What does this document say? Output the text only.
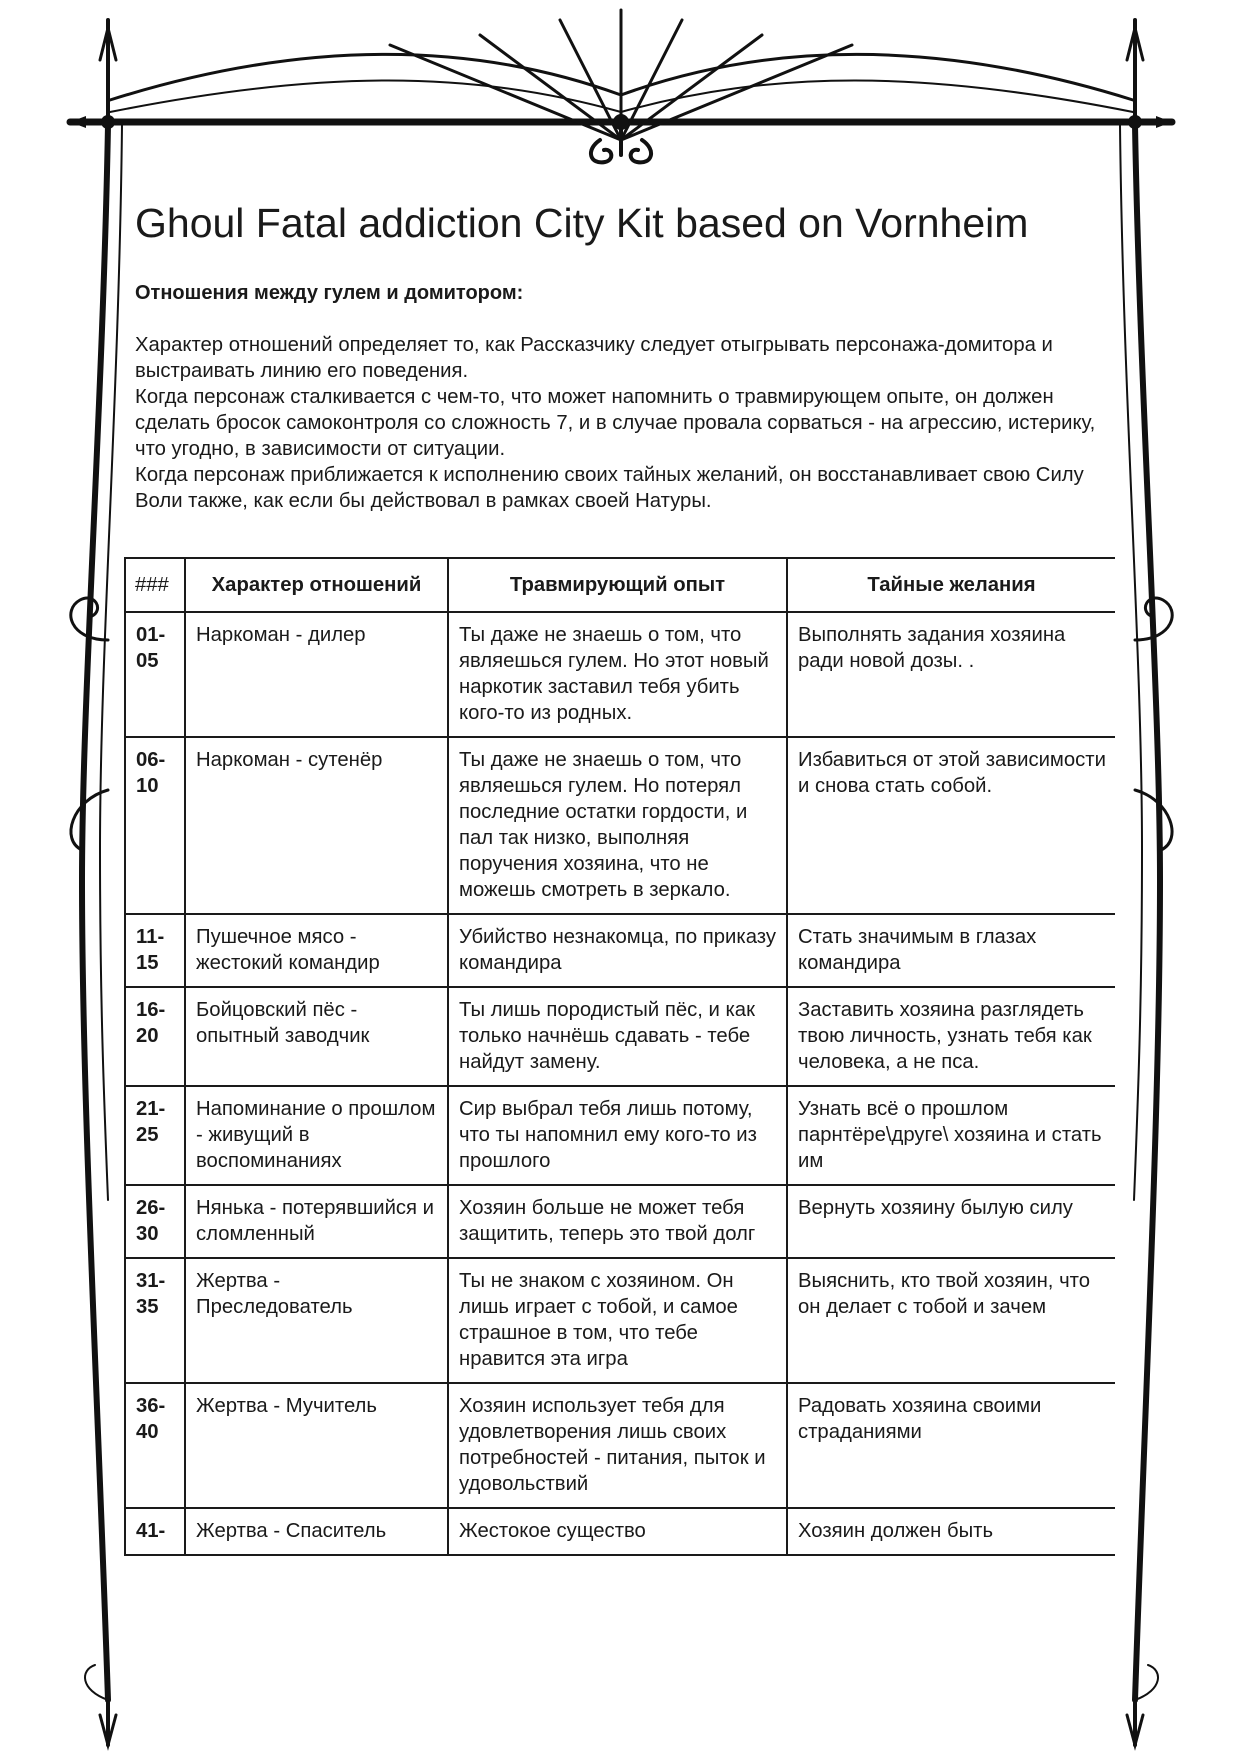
Ghoul Fatal addiction City Kit based on Vornheim
Отношения между гулем и домитором:

Характер отношений определяет то, как Рассказчику следует отыгрывать персонажа-домитора и выстраивать линию его поведения.

Когда персонаж сталкивается с чем-то, что может напомнить о травмирующем опыте, он должен сделать бросок самоконтроля со сложность 7, и в случае провала сорваться - на агрессию, истерику, что угодно, в зависимости от ситуации.

Когда персонаж приближается к исполнению своих тайных желаний, он восстанавливает свою Силу Воли также, как если бы действовал в рамках своей Натуры.

###	Характер отношений	Травмирующий опыт	Тайные желания
01-05	Наркоман - дилер	Ты даже не знаешь о том, что являешься гулем. Но этот новый наркотик заставил тебя убить кого-то из родных.	Выполнять задания хозяина ради новой дозы. .
06-10	Наркоман - сутенёр	Ты даже не знаешь о том, что являешься гулем. Но потерял последние остатки гордости, и пал так низко, выполняя поручения хозяина, что не можешь смотреть в зеркало.	Избавиться от этой зависимости и снова стать собой.
11-15	Пушечное мясо - жестокий командир	Убийство незнакомца, по приказу командира	Стать значимым в глазах командира
16-20	Бойцовский пёс - опытный заводчик	Ты лишь породистый пёс, и как только начнёшь сдавать - тебе найдут замену.	Заставить хозяина разглядеть твою личность, узнать тебя как человека, а не пса.
21-25	Напоминание о прошлом - живущий в воспоминаниях	Сир выбрал тебя лишь потому, что ты напомнил ему кого-то из прошлого	Узнать всё о прошлом парнтёре\друге\ хозяина и стать им
26-30	Нянька - потерявшийся и сломленный	Хозяин больше не может тебя защитить, теперь это твой долг	Вернуть хозяину былую силу
31-35	Жертва - Преследователь	Ты не знаком с хозяином. Он лишь играет с тобой, и самое страшное в том, что тебе нравится эта игра	Выяснить, кто твой хозяин, что он делает с тобой и зачем
36-40	Жертва - Мучитель	Хозяин использует тебя для удовлетворения лишь своих потребностей - питания, пыток и удовольствий	Радовать хозяина своими страданиями
41-	Жертва - Спаситель	Жестокое существо	Хозяин должен быть
